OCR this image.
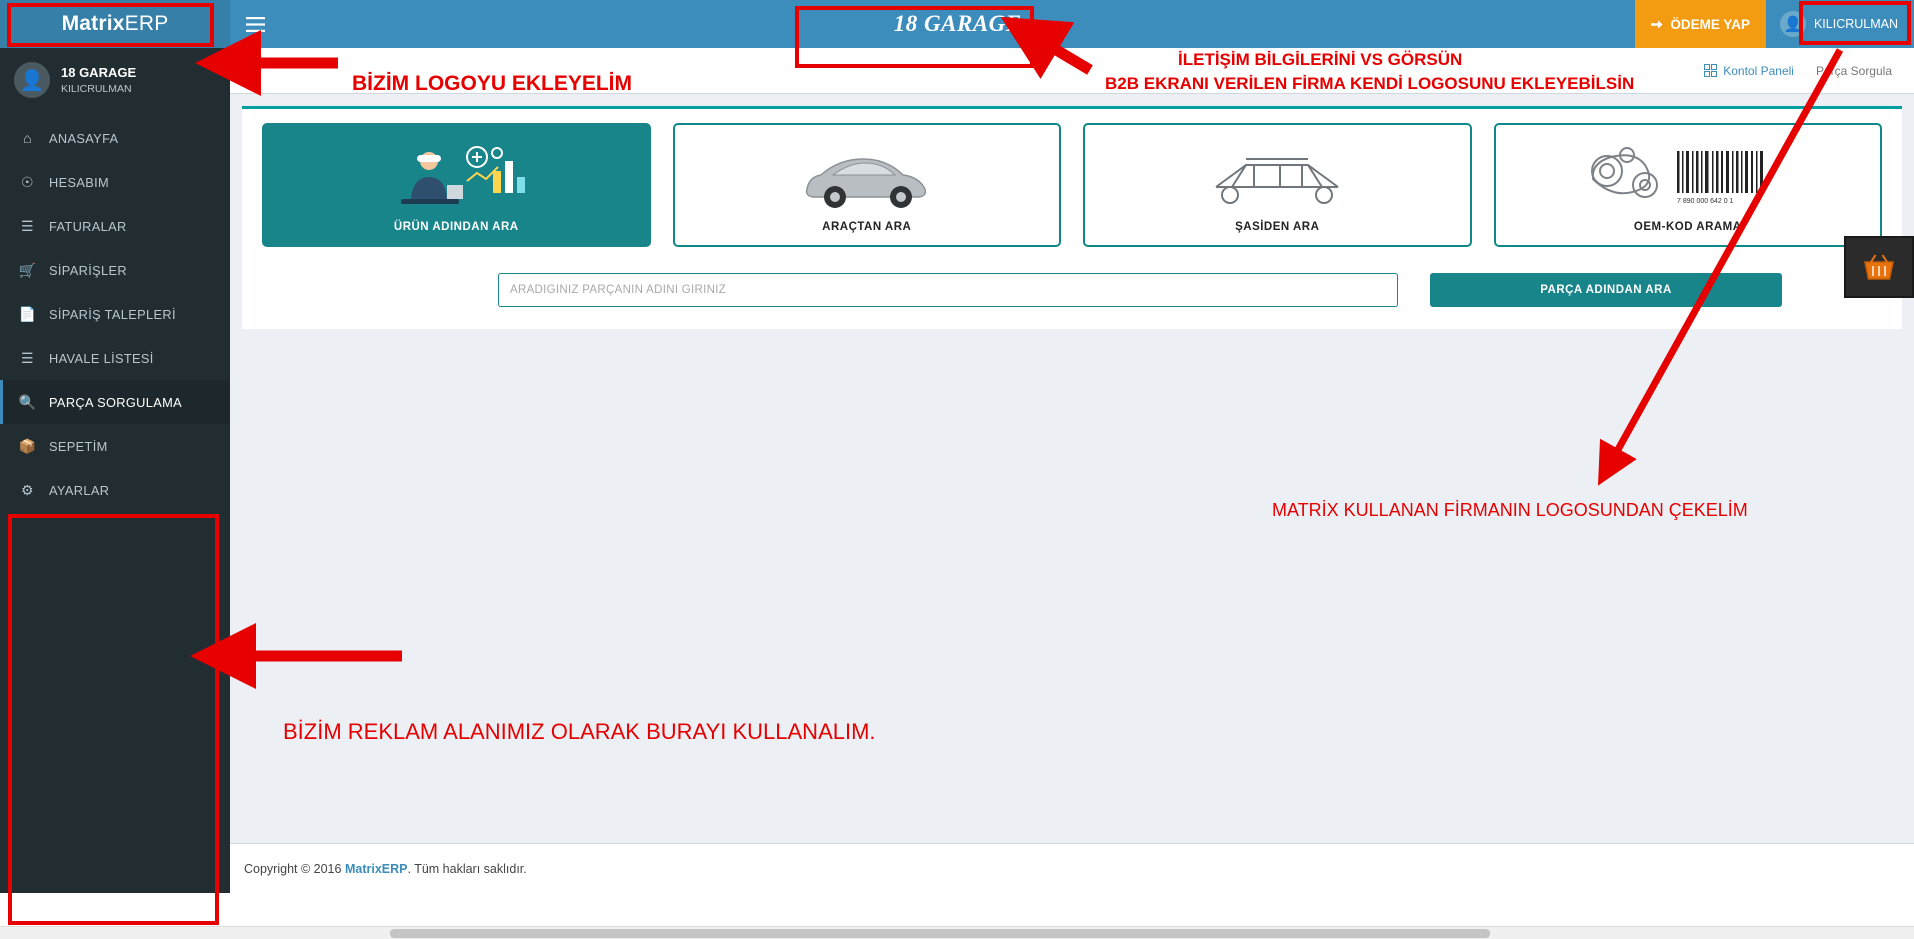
Matrix ERP	18 GARAGE	ÖDEME YAP 👤 KILICRULMAN
👤	18 GARAGE
KILICRULMAN
⌂	ANASAYFA
☉ HESABIM
☰ FATURALAR
🛒 SİPARİŞLER
📄 SİPARİŞ TALEPLERİ
☰ HAVALE LİSTESİ
🔍 PARÇA SORGULAMA
📦 SEPETİM
⚙ AYARLAR
Kontol Paneli Parça Sorgula
ÜRÜN ADINDAN ARA	ARAÇTAN ARA	ŞASİDEN ARA
7 890 000 642 0 1
OEM-KOD ARAMA
ARADIĞINIZ PARÇANIN ADINI GİRİNİZ
PARÇA ADINDAN ARA
Copyright © 2016
MatrixERP . Tüm hakları saklıdır.
BİZİM LOGOYU EKLEYELİM
İLETİŞİM BİLGİLERİNİ VS GÖRSÜN
B2B EKRANI VERİLEN FİRMA KENDİ LOGOSUNU EKLEYEBİLSİN
MATRİX KULLANAN FİRMANIN LOGOSUNDAN ÇEKELİM
BİZİM REKLAM ALANIMIZ OLARAK BURAYI KULLANALIM.
